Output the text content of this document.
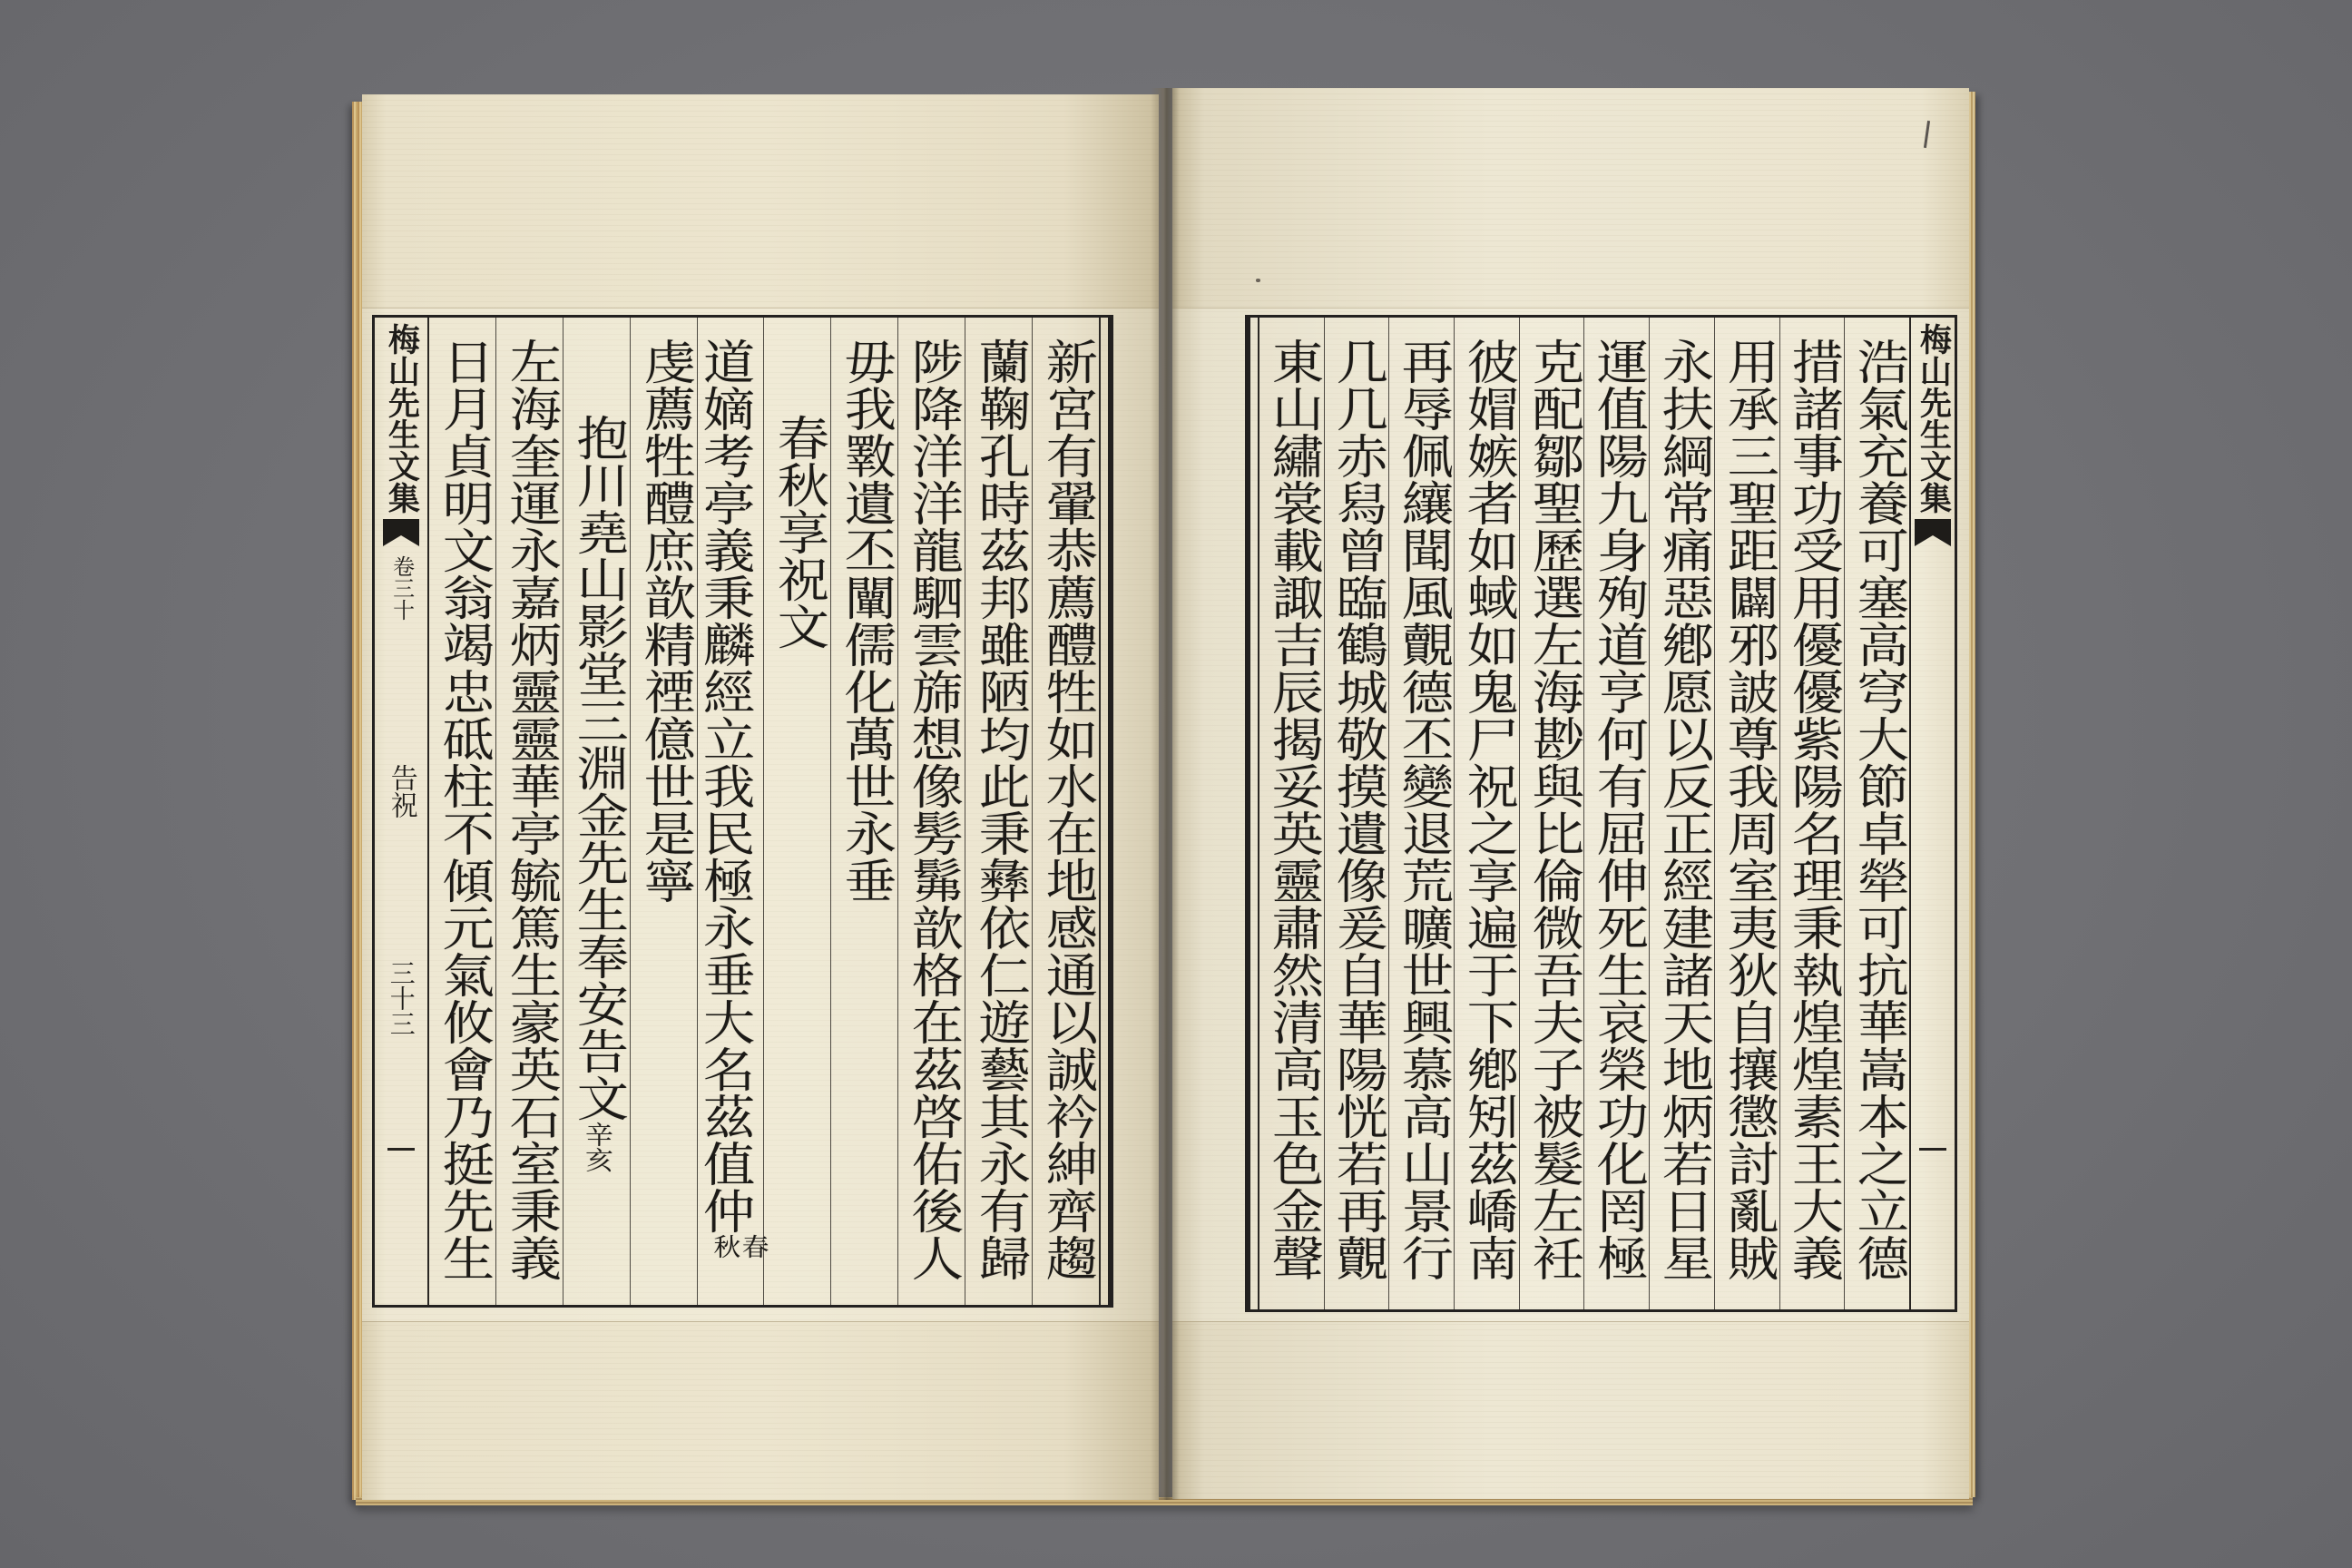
梅山先生文集
卷三十
告祝
三十三	新宮有翬恭薦醴牲如水在地感通以誠衿紳齊趨
蘭鞠孔時茲邦雖陋均此秉彝依仁遊藝其永有歸
陟降洋洋龍駟雲旆想像髣髴歆格在茲啓佑後人
毋我斁遺丕闡儒化萬世永垂
春秋享祝文
道嫡考亭義秉麟經立我民極永垂大名茲值仲
春
秋
虔薦牲醴庶歆精禋億世是寧
抱川堯山影堂三淵金先生奉安告文辛亥
左海奎運永嘉炳靈靈華亭毓篤生豪英石室秉義
日月貞明文翁竭忠砥柱不傾元氣攸會乃挺先生	浩氣充養可塞高穹大節卓犖可抗華嵩本之立德
措諸事功受用優優紫陽名理秉執煌煌素王大義
用承三聖距闢邪詖尊我周室夷狄自攘懲討亂賊
永扶綱常痛惡鄕愿以反正經建諸天地炳若日星
運值陽九身殉道亨何有屈伸死生哀榮功化罔極
克配鄒聖歷選左海尠與比倫微吾夫子被髮左衽
彼媢嫉者如蜮如鬼尸祝之享遍于下鄕矧茲嶠南
再辱佩纕聞風覿德丕變退荒曠世興慕高山景行
几几赤舄曾臨鶴城敬摸遺像爰自華陽恍若再覿
東山繡裳載諏吉辰揭妥英靈肅然清高玉色金聲	梅山先生文集
